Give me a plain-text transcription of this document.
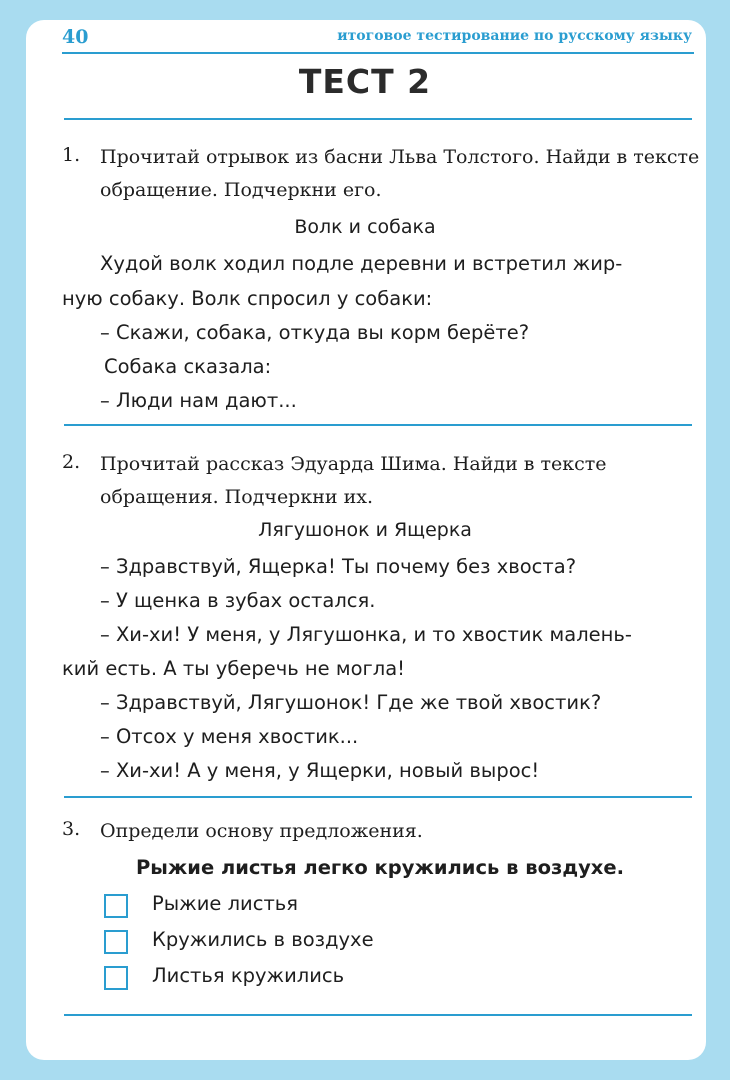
40	итоговое тестирование по русскому языку
ТЕСТ 2
1. Прочитай отрывок из басни Льва Толстого. Найди в тексте обращение. Подчеркни его.
Волк и собака
Худой волк ходил подле деревни и встретил жир-
ную собаку. Волк спросил у собаки:
– Скажи, собака, откуда вы корм берёте?
Собака сказала:
– Люди нам дают...
2. Прочитай рассказ Эдуарда Шима. Найди в тексте обращения. Подчеркни их.
Лягушонок и Ящерка
– Здравствуй, Ящерка! Ты почему без хвоста?
– У щенка в зубах остался.
– Хи-хи! У меня, у Лягушонка, и то хвостик малень-
кий есть. А ты уберечь не могла!
– Здравствуй, Лягушонок! Где же твой хвостик?
– Отсох у меня хвостик...
– Хи-хи! А у меня, у Ящерки, новый вырос!
3. Определи основу предложения.
Рыжие листья легко кружились в воздухе.
Рыжие листья
Кружились в воздухе
Листья кружились
